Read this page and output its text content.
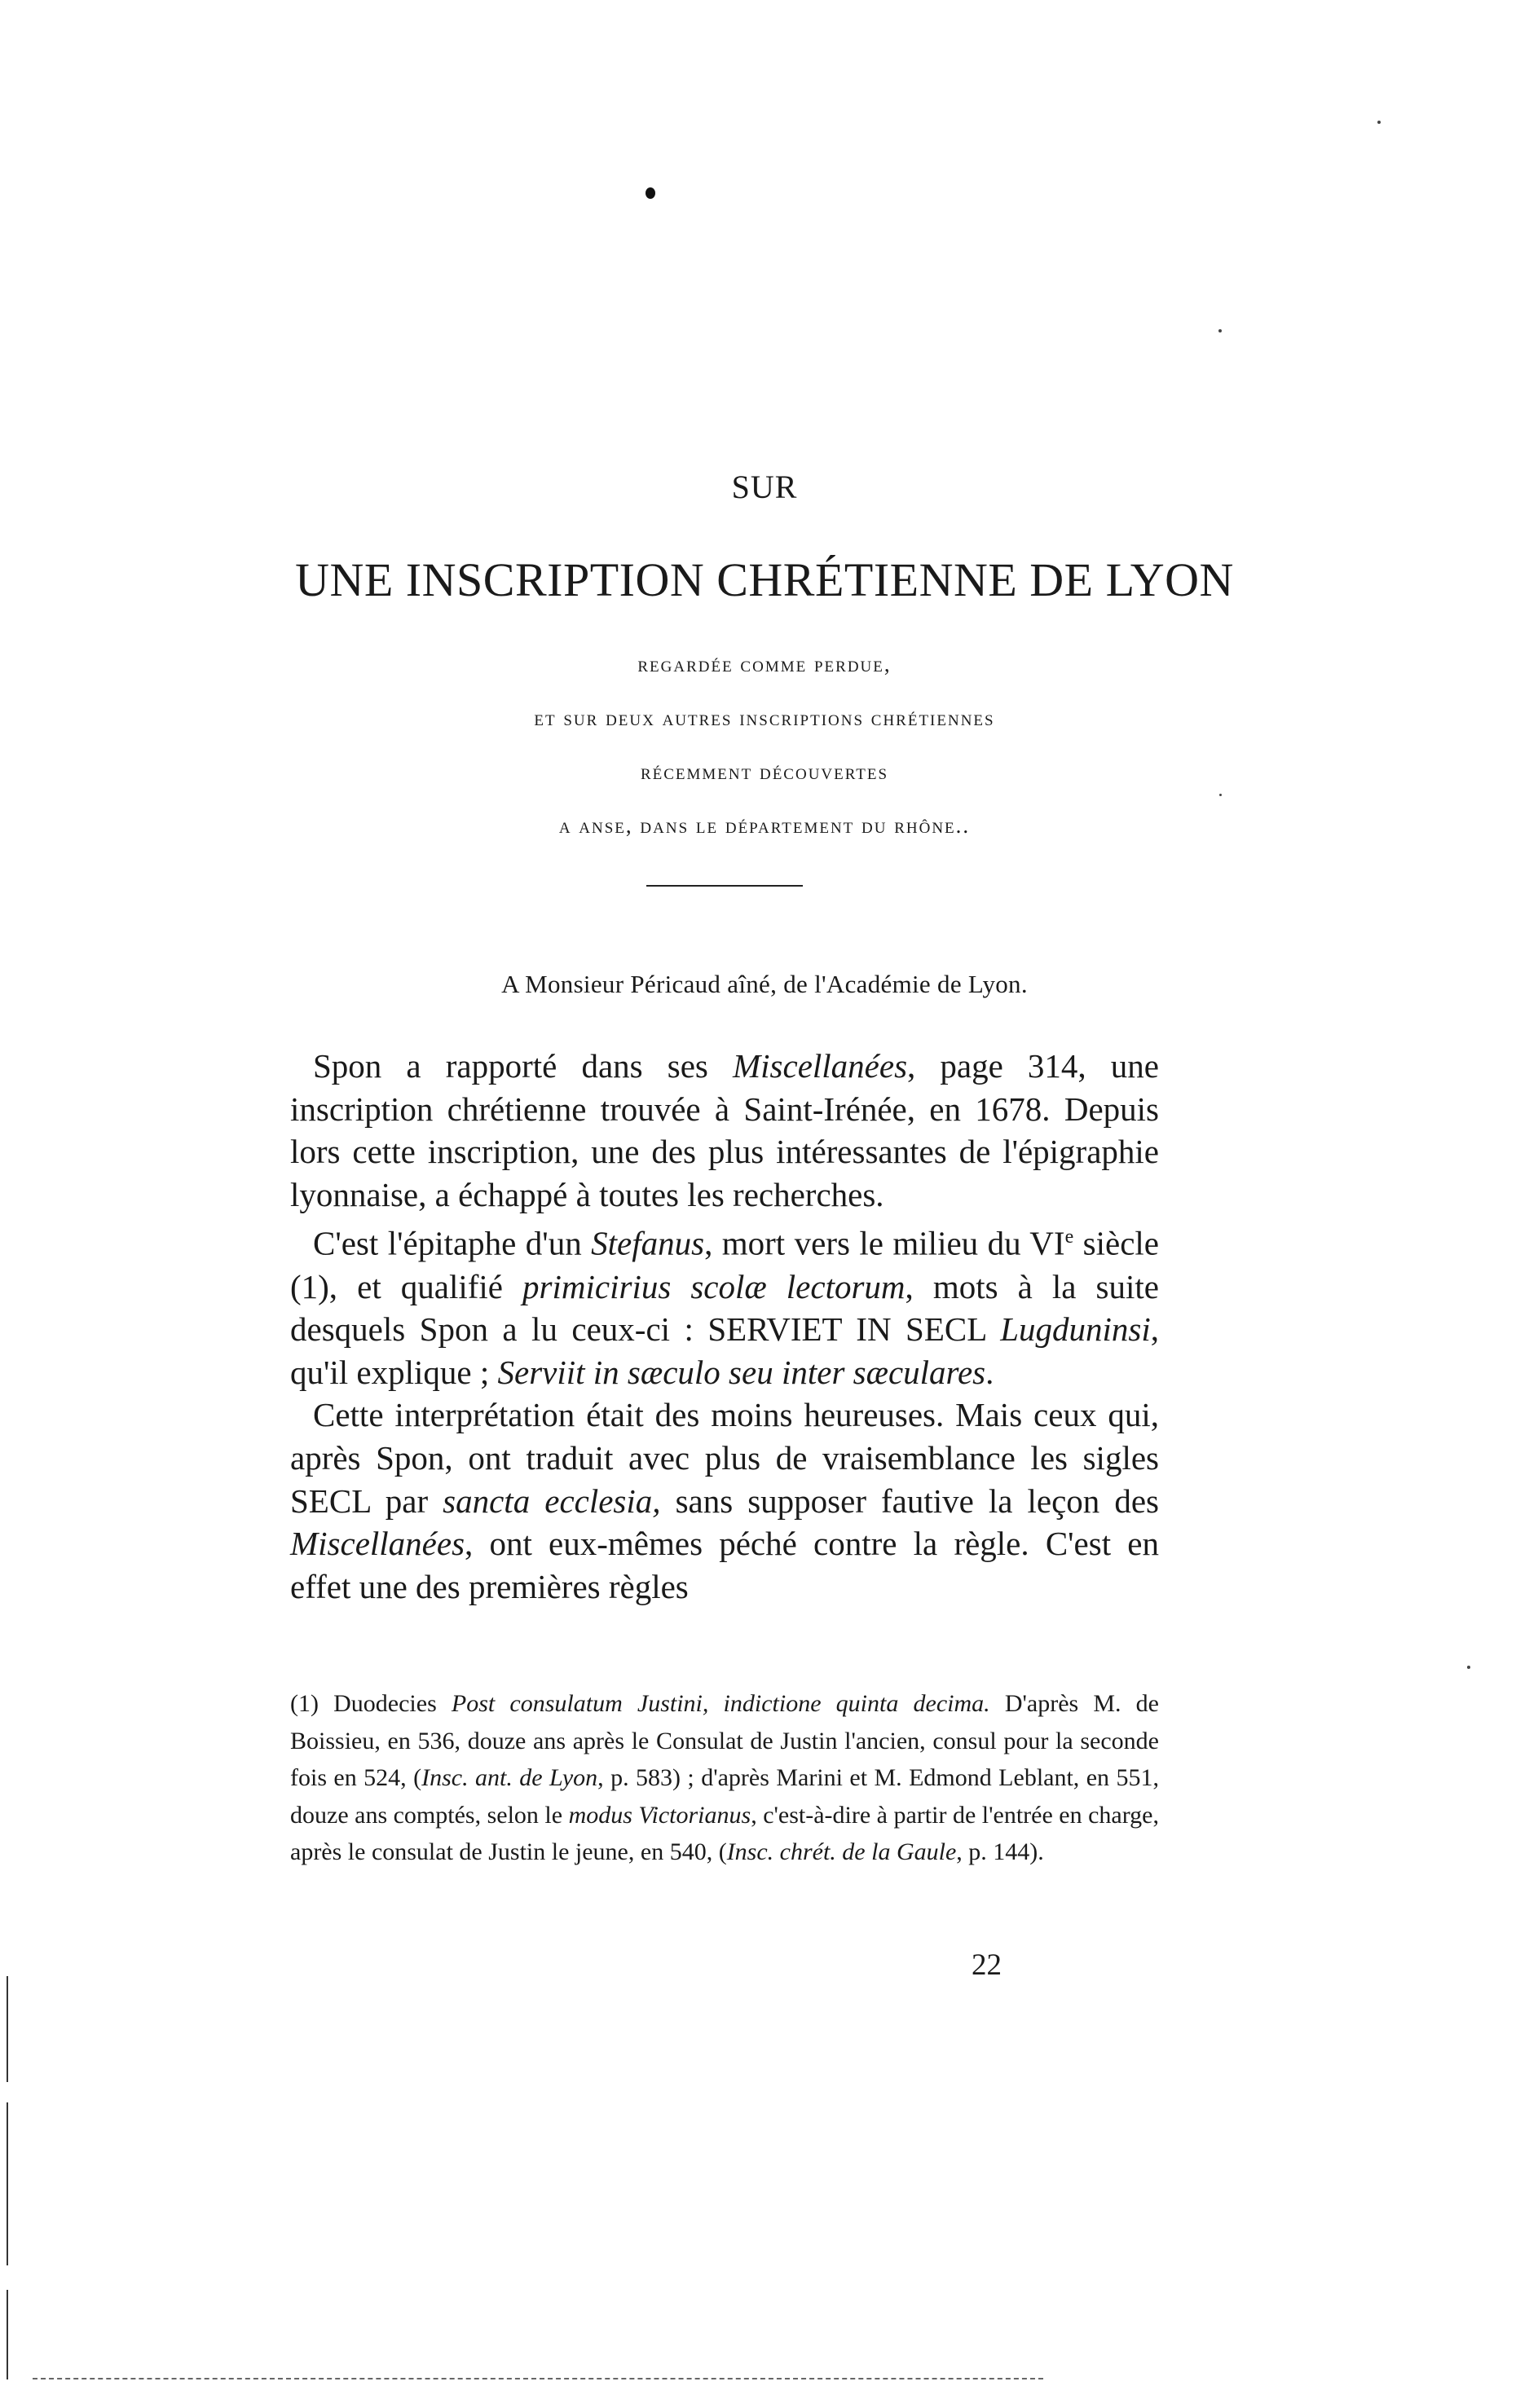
SUR
UNE INSCRIPTION CHRÉTIENNE DE LYON
regardée comme perdue,
et sur deux autres inscriptions chrétiennes
récemment découvertes
a anse, dans le département du rhône..
A Monsieur Péricaud aîné, de l'Académie de Lyon.

Spon a rapporté dans ses Miscellanées, page 314, une inscription chrétienne trouvée à Saint-Irénée, en 1678. Depuis lors cette inscription, une des plus intéressantes de l'épigraphie lyonnaise, a échappé à toutes les recherches.

C'est l'épitaphe d'un Stefanus, mort vers le milieu du VIe siècle (1), et qualifié primicirius scolæ lectorum, mots à la suite desquels Spon a lu ceux-ci : SERVIET IN SECL Lugduninsi, qu'il explique ; Serviit in sæculo seu inter sæculares.

Cette interprétation était des moins heureuses. Mais ceux qui, après Spon, ont traduit avec plus de vraisemblance les sigles SECL par sancta ecclesia, sans supposer fautive la leçon des Miscellanées, ont eux-mêmes péché contre la règle. C'est en effet une des premières règles

(1) Duodecies Post consulatum Justini, indictione quinta decima. D'après M. de Boissieu, en 536, douze ans après le Consulat de Justin l'ancien, consul pour la seconde fois en 524, (Insc. ant. de Lyon, p. 583) ; d'après Marini et M. Edmond Leblant, en 551, douze ans comptés, selon le modus Victorianus, c'est-à-dire à partir de l'entrée en charge, après le consulat de Justin le jeune, en 540, (Insc. chrét. de la Gaule, p. 144).

22
